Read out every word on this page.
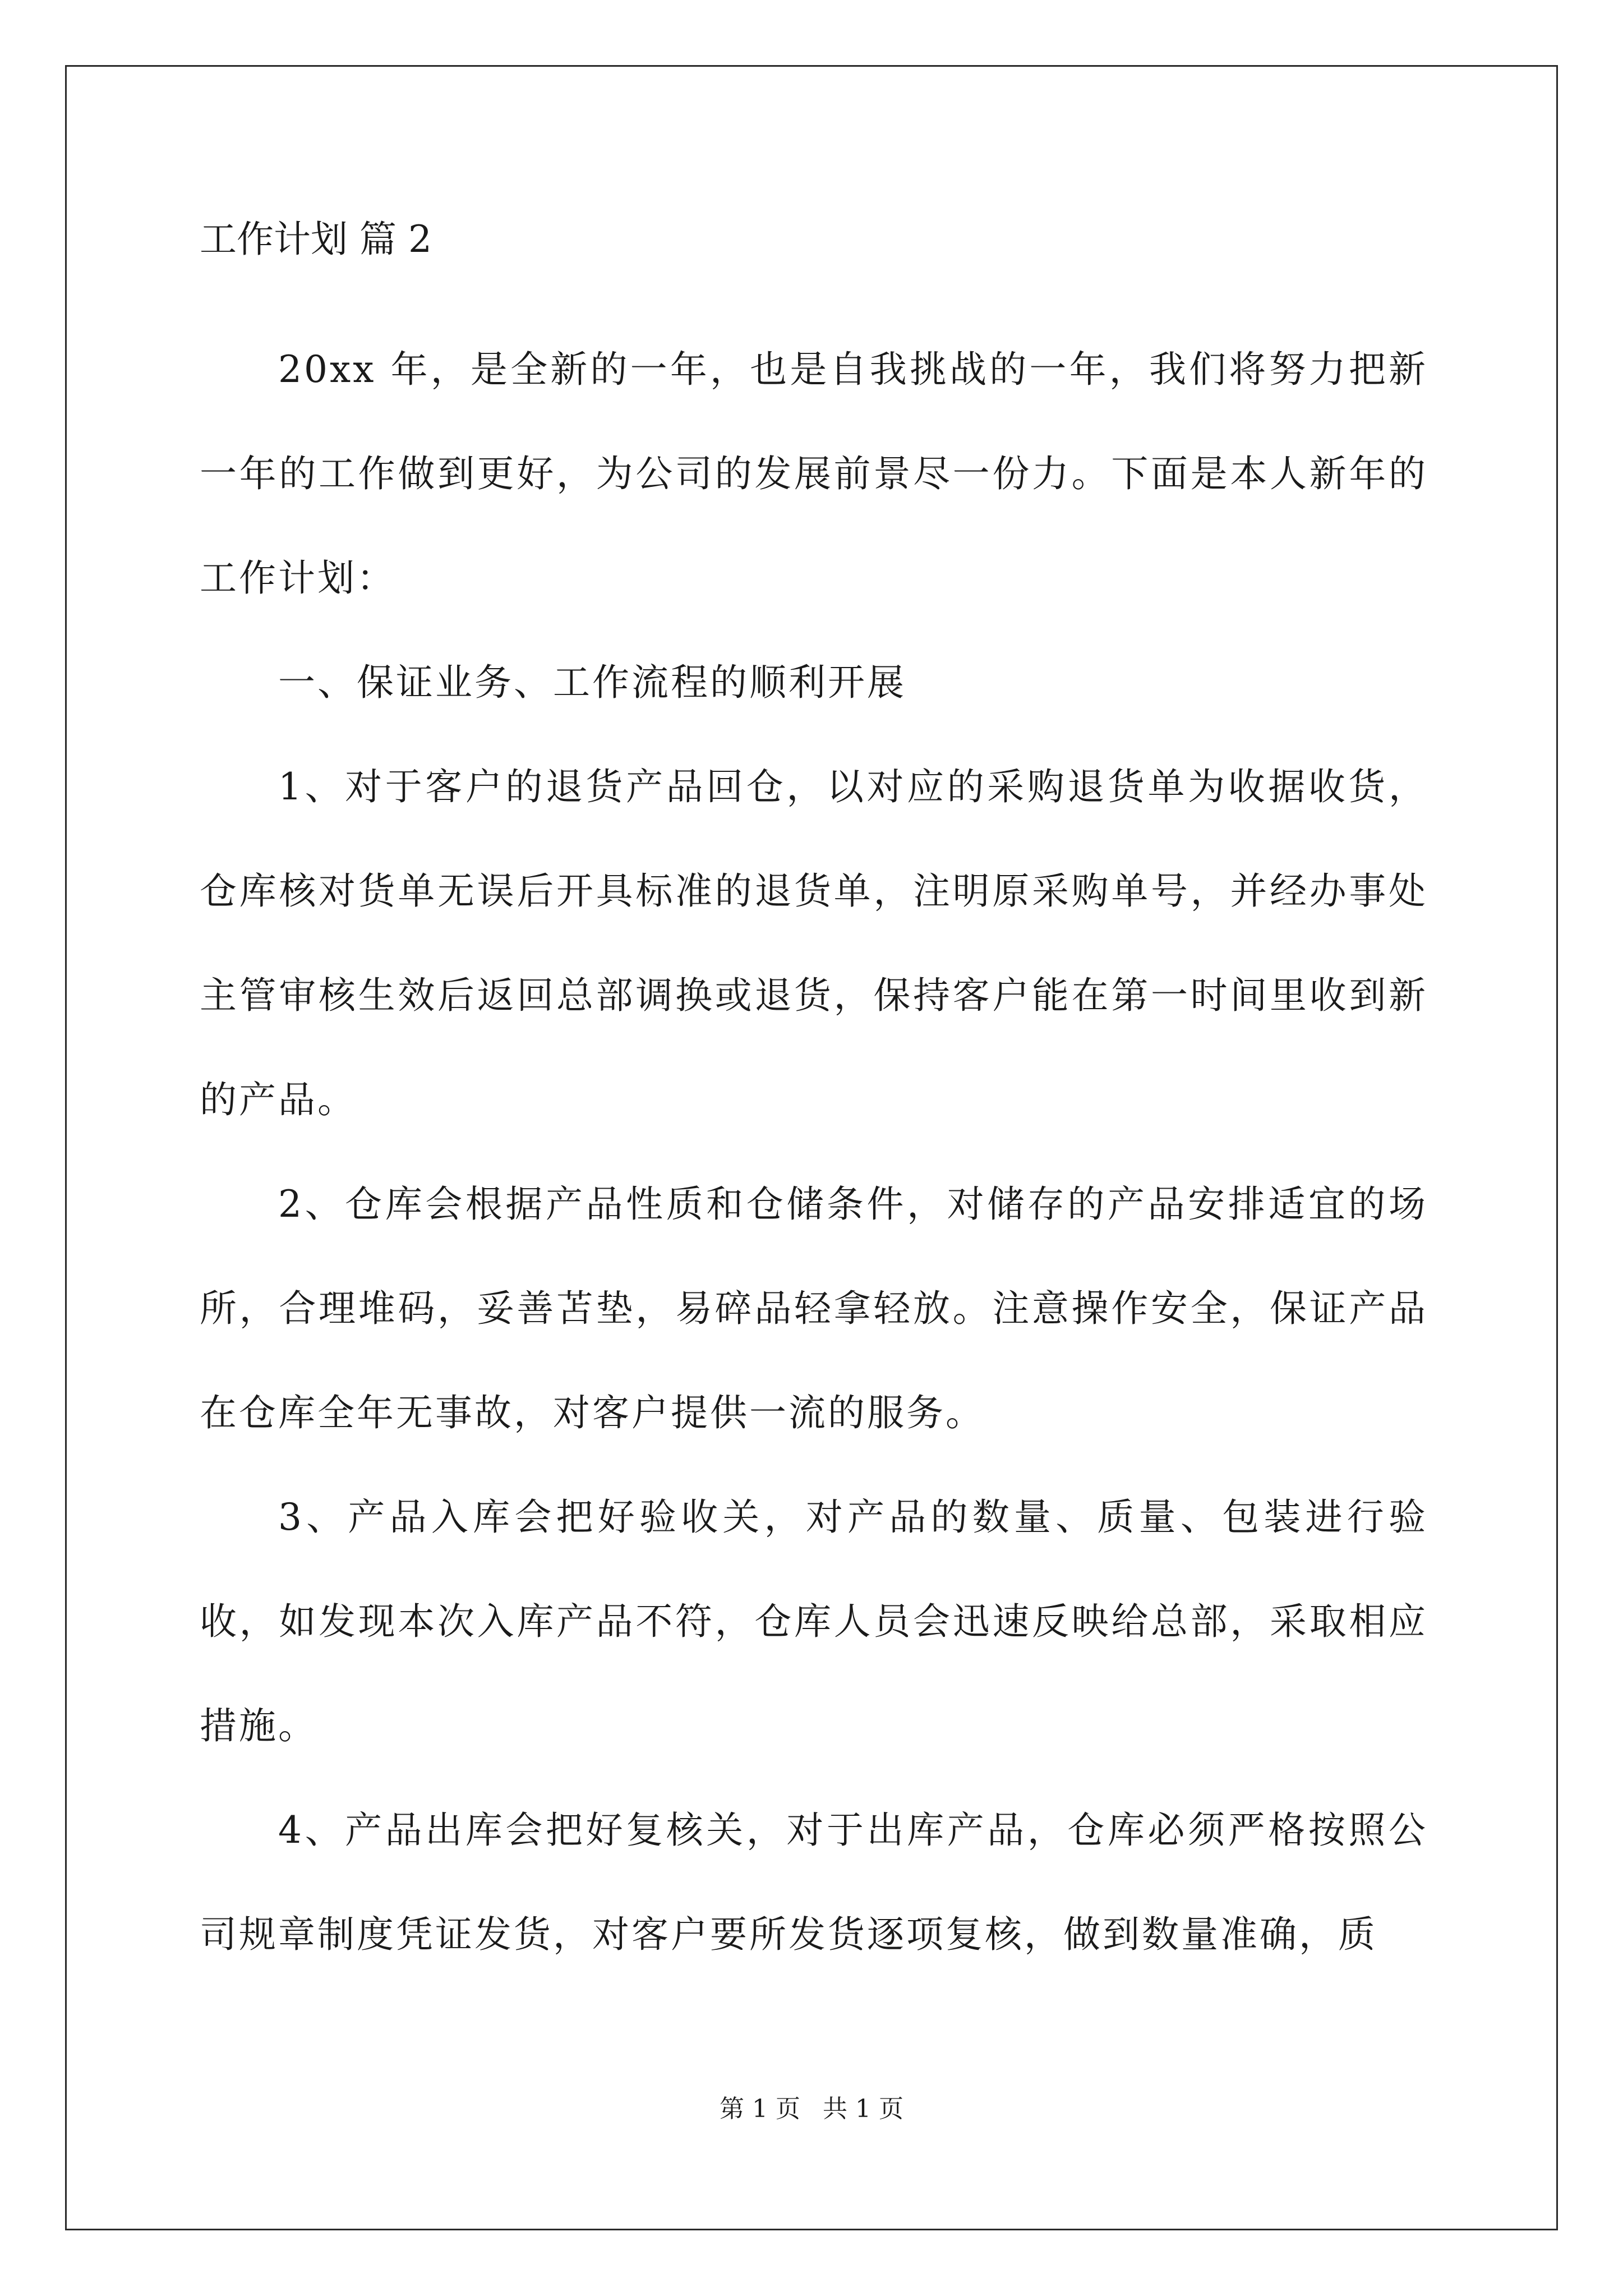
工作计划 篇 2

20xx 年，是全新的一年，也是自我挑战的一年，我们将努力把新一年的工作做到更好，为公司的发展前景尽一份力。下面是本人新年的工作计划：

一、保证业务、工作流程的顺利开展

1、对于客户的退货产品回仓，以对应的采购退货单为收据收货，仓库核对货单无误后开具标准的退货单，注明原采购单号，并经办事处主管审核生效后返回总部调换或退货，保持客户能在第一时间里收到新的产品。

2、仓库会根据产品性质和仓储条件，对储存的产品安排适宜的场所，合理堆码，妥善苫垫，易碎品轻拿轻放。注意操作安全，保证产品在仓库全年无事故，对客户提供一流的服务。

3、产品入库会把好验收关，对产品的数量、质量、包装进行验收，如发现本次入库产品不符，仓库人员会迅速反映给总部，采取相应措施。

4、产品出库会把好复核关，对于出库产品，仓库必须严格按照公司规章制度凭证发货，对客户要所发货逐项复核，做到数量准确，质

第 1 页 共 1 页
